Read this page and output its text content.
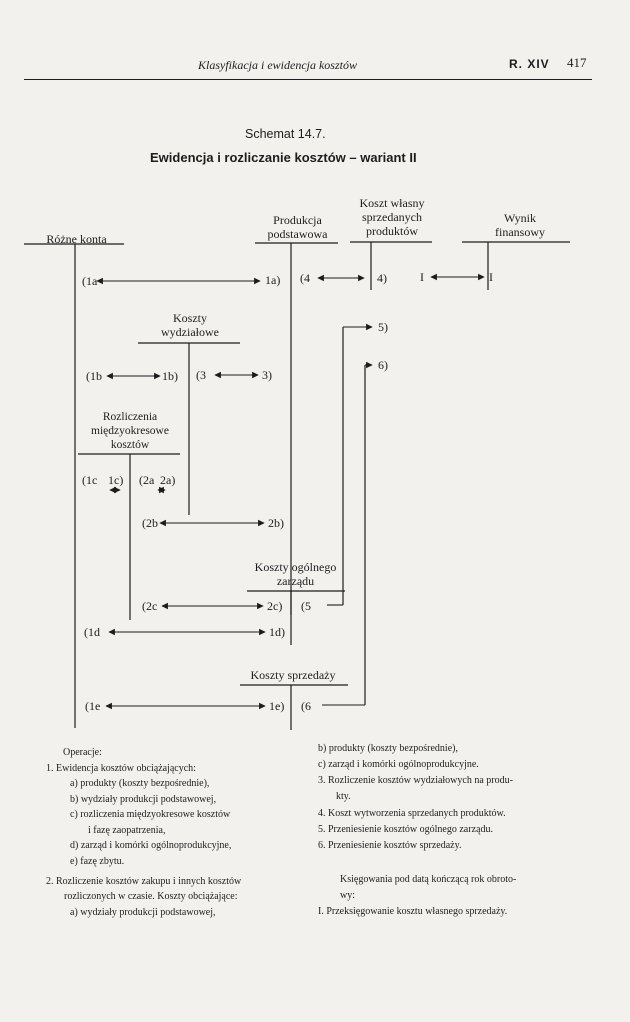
Klasyfikacja i ewidencja kosztów	R. XIV 417
Schemat 14.7.
Ewidencja i rozliczanie kosztów – wariant II
Różne konta
Produkcja podstawowa
Koszt własny sprzedanych produktów
Wynik finansowy
Koszty wydziałowe
Rozliczenia międzyokresowe kosztów
Koszty ogólnego zarządu
Koszty sprzedaży
(1a	1a) (4	4)	I	I
5)
6)
(1b	1b) (3	3)
(1c 1c) (2a 2a)
(2b	2b)
(2c	2c) (5
(1d	1d)
(1e	1e) (6
Operacje:
1. Ewidencja kosztów obciążających:
a) produkty (koszty bezpośrednie),
b) wydziały produkcji podstawowej,
c) rozliczenia międzyokresowe kosztów
i fazę zaopatrzenia,
d) zarząd i komórki ogólnoprodukcyjne,
e) fazę zbytu.
2. Rozliczenie kosztów zakupu i innych kosztów
rozliczonych w czasie. Koszty obciążające:
a) wydziały produkcji podstawowej,
b) produkty (koszty bezpośrednie),
c) zarząd i komórki ogólnoprodukcyjne.
3. Rozliczenie kosztów wydziałowych na produ-
kty.
4. Koszt wytworzenia sprzedanych produktów.
5. Przeniesienie kosztów ogólnego zarządu.
6. Przeniesienie kosztów sprzedaży.
Księgowania pod datą kończącą rok obroto-
wy:
I. Przeksięgowanie kosztu własnego sprzedaży.
